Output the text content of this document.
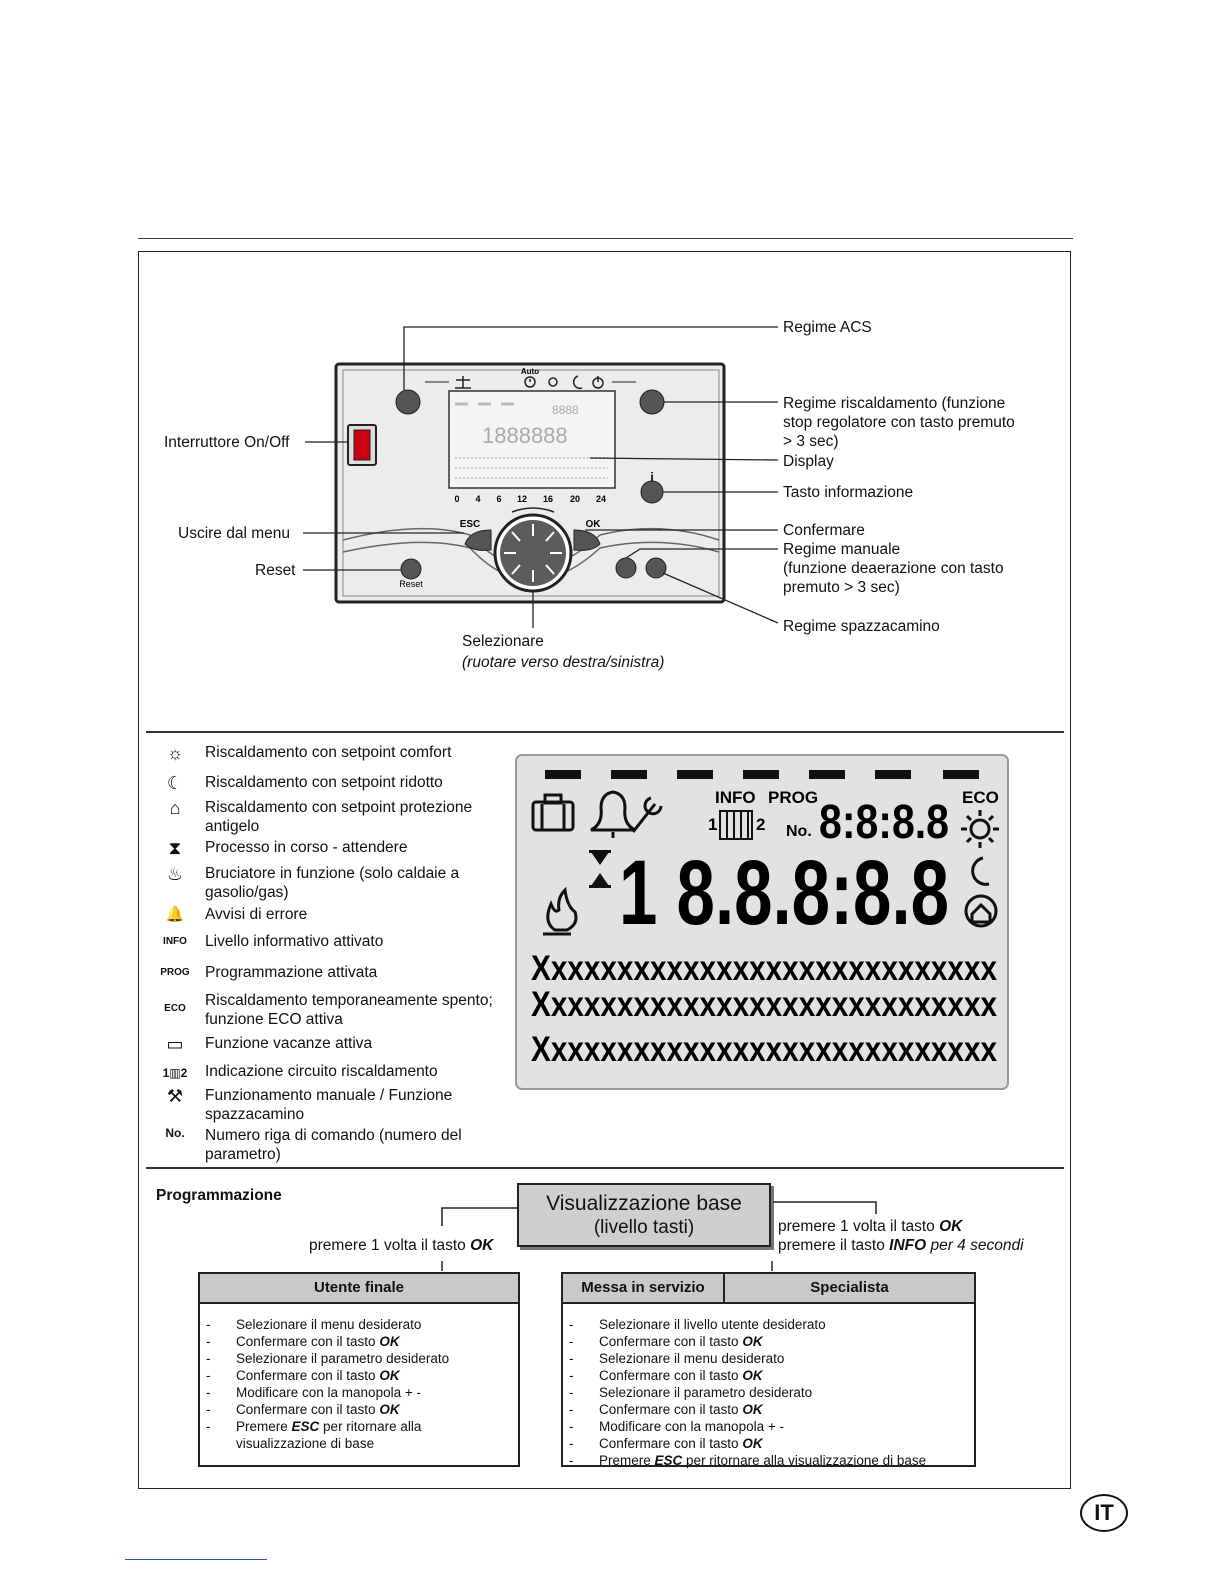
Reset
Auto
ESC	OK
i
8888
1888888
0 4 6 12 16 20 24
Regime ACS
Regime riscaldamento (funzione
stop regolatore con tasto premuto
> 3 sec)
Display
Tasto informazione
Confermare
Regime manuale
(funzione deaerazione con tasto
premuto > 3 sec)
Regime spazzacamino
Interruttore On/Off
Uscire dal menu
Reset
Selezionare
(ruotare verso destra/sinistra)
☼	Riscaldamento con setpoint comfort
☾	Riscaldamento con setpoint ridotto
⌂	Riscaldamento con setpoint protezione antigelo
⧗	Processo in corso - attendere
♨	Bruciatore in funzione (solo caldaie a gasolio/gas)
🔔	Avvisi di errore
INFO	Livello informativo attivato
PROG Programmazione attivata
ECO	Riscaldamento temporaneamente spento; funzione ECO attiva
▭	Funzione vacanze attiva
1▥2	Indicazione circuito riscaldamento
⚒	Funzionamento manuale / Funzione spazzacamino
No.	Numero riga di comando (numero del parametro)
INFO PROG
1 2 No. 8:8:8.8 ECO
1 8.8.8:8.8
Xxxxxxxxxxxxxxxxxxxxxxxxxxxx
Xxxxxxxxxxxxxxxxxxxxxxxxxxxx
Xxxxxxxxxxxxxxxxxxxxxxxxxxxx
Programmazione	Visualizzazione base
(livello tasti)
premere 1 volta il tasto OK
premere 1 volta il tasto OK
premere il tasto INFO per 4 secondi
Utente finale
- Selezionare il menu desiderato
- Confermare con il tasto OK
- Selezionare il parametro desiderato
- Confermare con il tasto OK
- Modificare con la manopola + -
- Confermare con il tasto OK
- Premere ESC per ritornare alla visualizzazione di base
Messa in servizio	Specialista
- Selezionare il livello utente desiderato
- Confermare con il tasto OK
- Selezionare il menu desiderato
- Confermare con il tasto OK
- Selezionare il parametro desiderato
- Confermare con il tasto OK
- Modificare con la manopola + -
- Confermare con il tasto OK
- Premere ESC per ritornare alla visualizzazione di base
IT
